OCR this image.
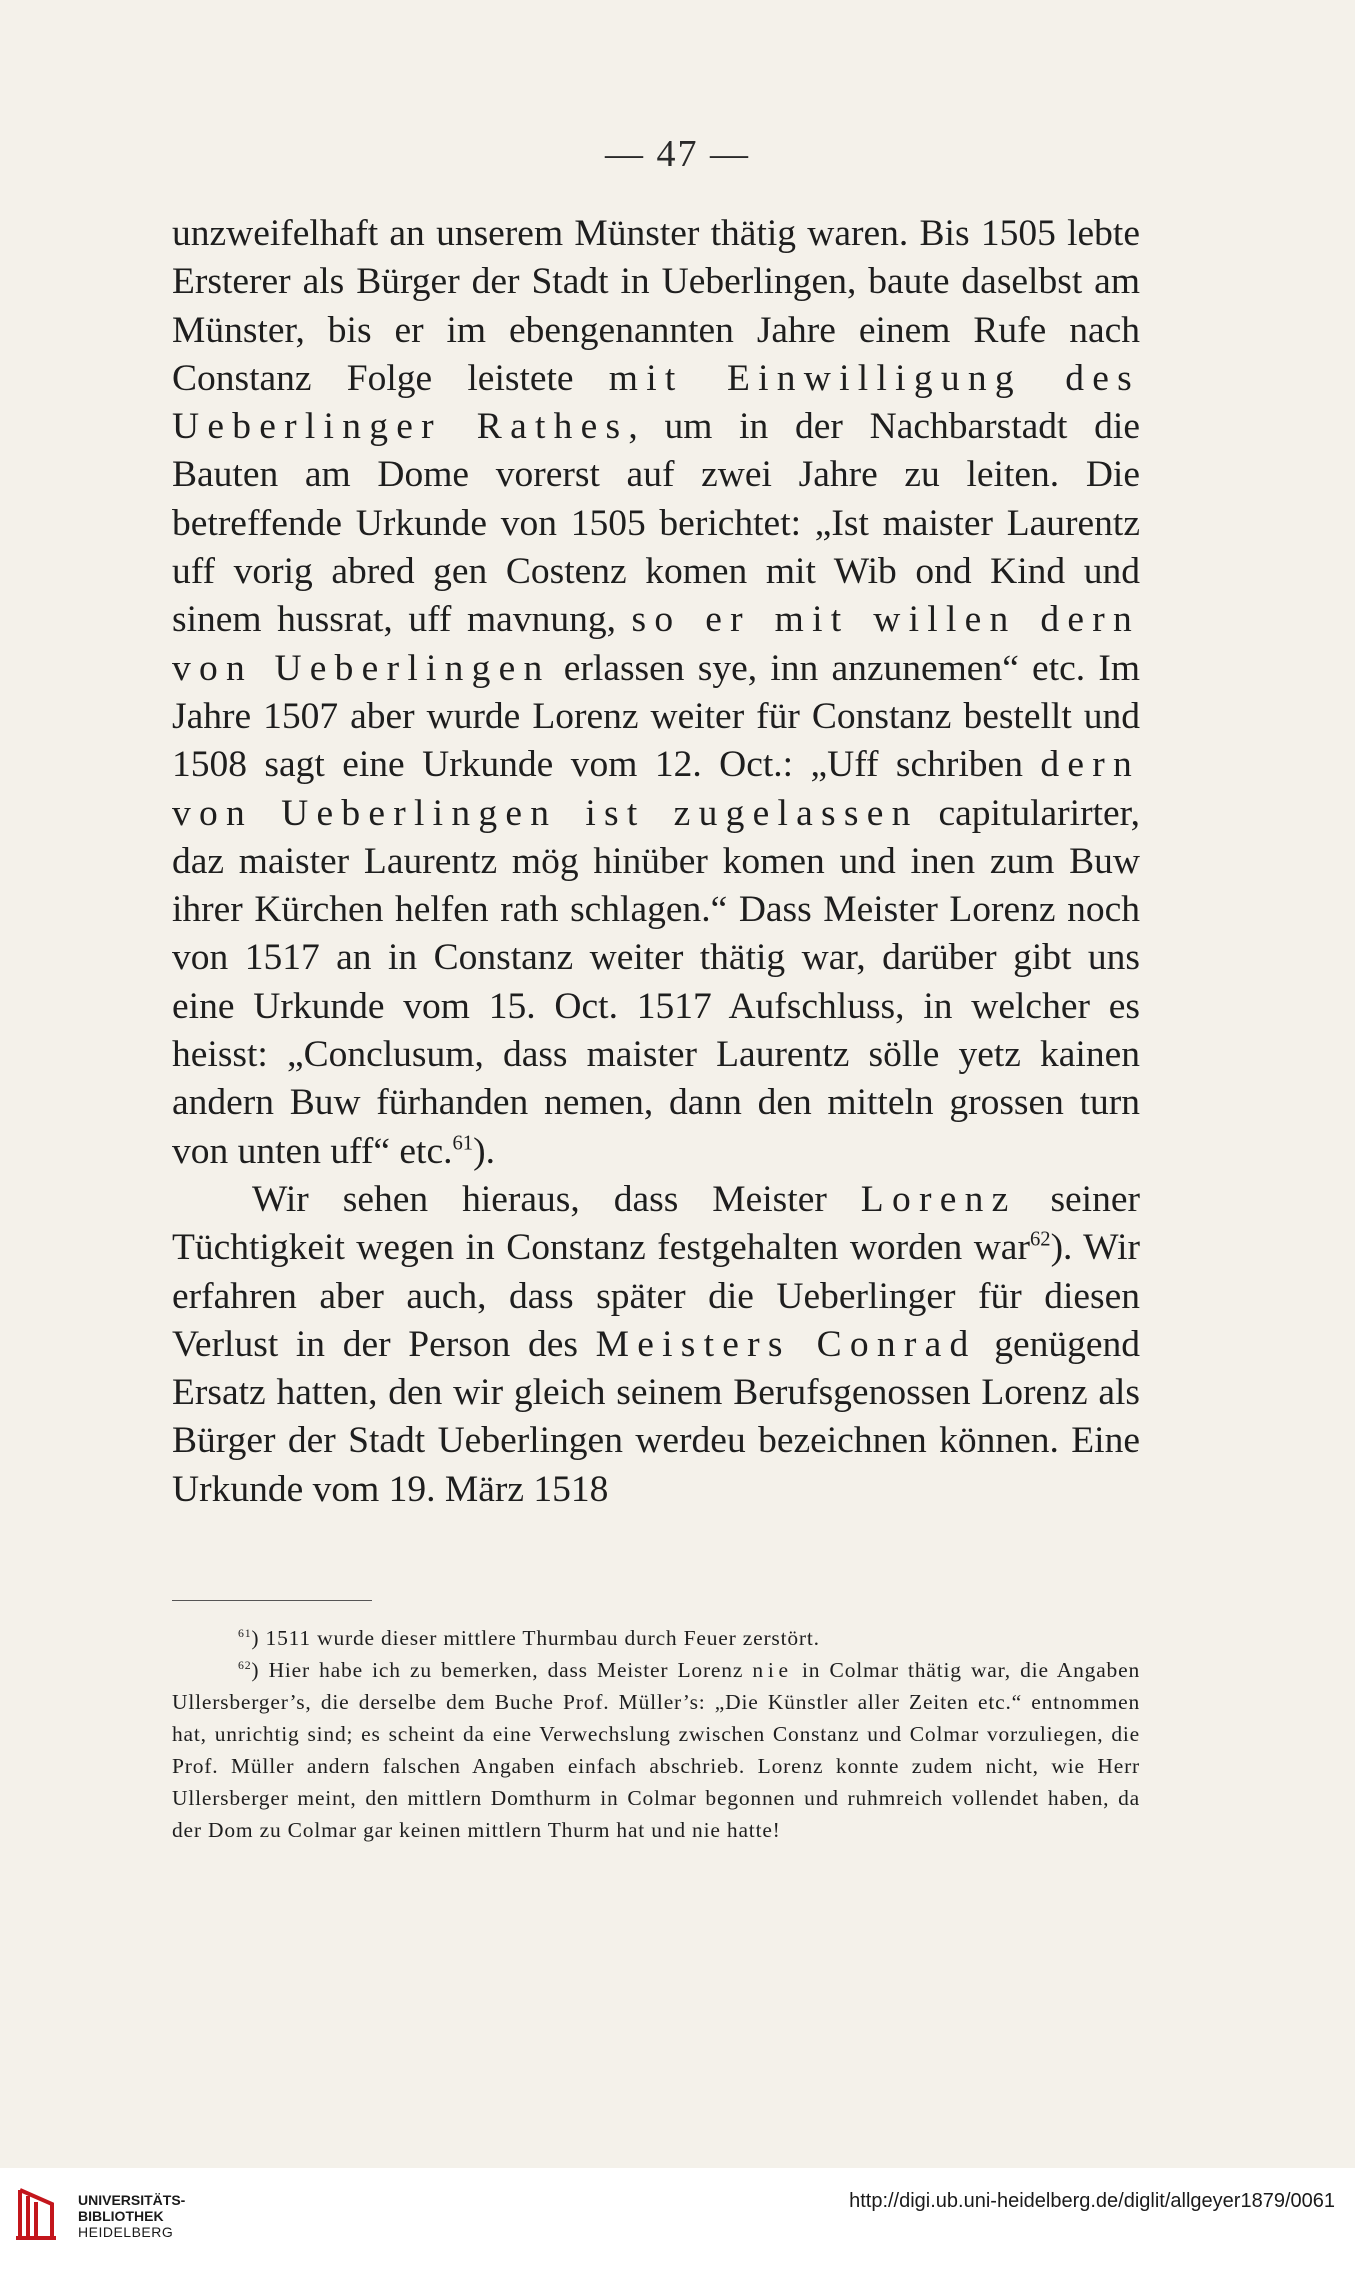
— 47 —

unzweifelhaft an unserem Münster thätig waren. Bis 1505 lebte Ersterer als Bürger der Stadt in Ueberlingen, baute daselbst am Münster, bis er im ebengenannten Jahre einem Rufe nach Constanz Folge leistete mit Einwilligung des Ueberlinger Rathes, um in der Nachbarstadt die Bauten am Dome vorerst auf zwei Jahre zu leiten. Die betreffende Urkunde von 1505 berichtet: „Ist maister Laurentz uff vorig abred gen Costenz komen mit Wib ond Kind und sinem hussrat, uff mavnung, so er mit willen dern von Ueberlingen erlassen sye, inn anzunemen“ etc. Im Jahre 1507 aber wurde Lorenz weiter für Constanz bestellt und 1508 sagt eine Urkunde vom 12. Oct.: „Uff schriben dern von Ueberlingen ist zugelassen capitularirter, daz maister Laurentz mög hinüber komen und inen zum Buw ihrer Kürchen helfen rath schlagen.“ Dass Meister Lorenz noch von 1517 an in Constanz weiter thätig war, darüber gibt uns eine Urkunde vom 15. Oct. 1517 Aufschluss, in welcher es heisst: „Conclusum, dass maister Laurentz sölle yetz kainen andern Buw fürhanden nemen, dann den mitteln grossen turn von unten uff“ etc.$^{61}$).

Wir sehen hieraus, dass Meister Lorenz seiner Tüchtigkeit wegen in Constanz festgehalten worden war$^{62}$). Wir erfahren aber auch, dass später die Ueberlinger für diesen Verlust in der Person des Meisters Conrad genügend Ersatz hatten, den wir gleich seinem Berufsgenossen Lorenz als Bürger der Stadt Ueberlingen werdeu bezeichnen können. Eine Urkunde vom 19. März 1518

$^{61}$) 1511 wurde dieser mittlere Thurmbau durch Feuer zerstört.

$^{62}$) Hier habe ich zu bemerken, dass Meister Lorenz nie in Colmar thätig war, die Angaben Ullersberger’s, die derselbe dem Buche Prof. Müller’s: „Die Künstler aller Zeiten etc.“ entnommen hat, unrichtig sind; es scheint da eine Verwechslung zwischen Constanz und Colmar vorzuliegen, die Prof. Müller andern falschen Angaben einfach abschrieb. Lorenz konnte zudem nicht, wie Herr Ullersberger meint, den mittlern Domthurm in Colmar begonnen und ruhmreich vollendet haben, da der Dom zu Colmar gar keinen mittlern Thurm hat und nie hatte!

UNIVERSITÄTS-
BIBLIOTHEK
HEIDELBERG
http://digi.ub.uni-heidelberg.de/diglit/allgeyer1879/0061
